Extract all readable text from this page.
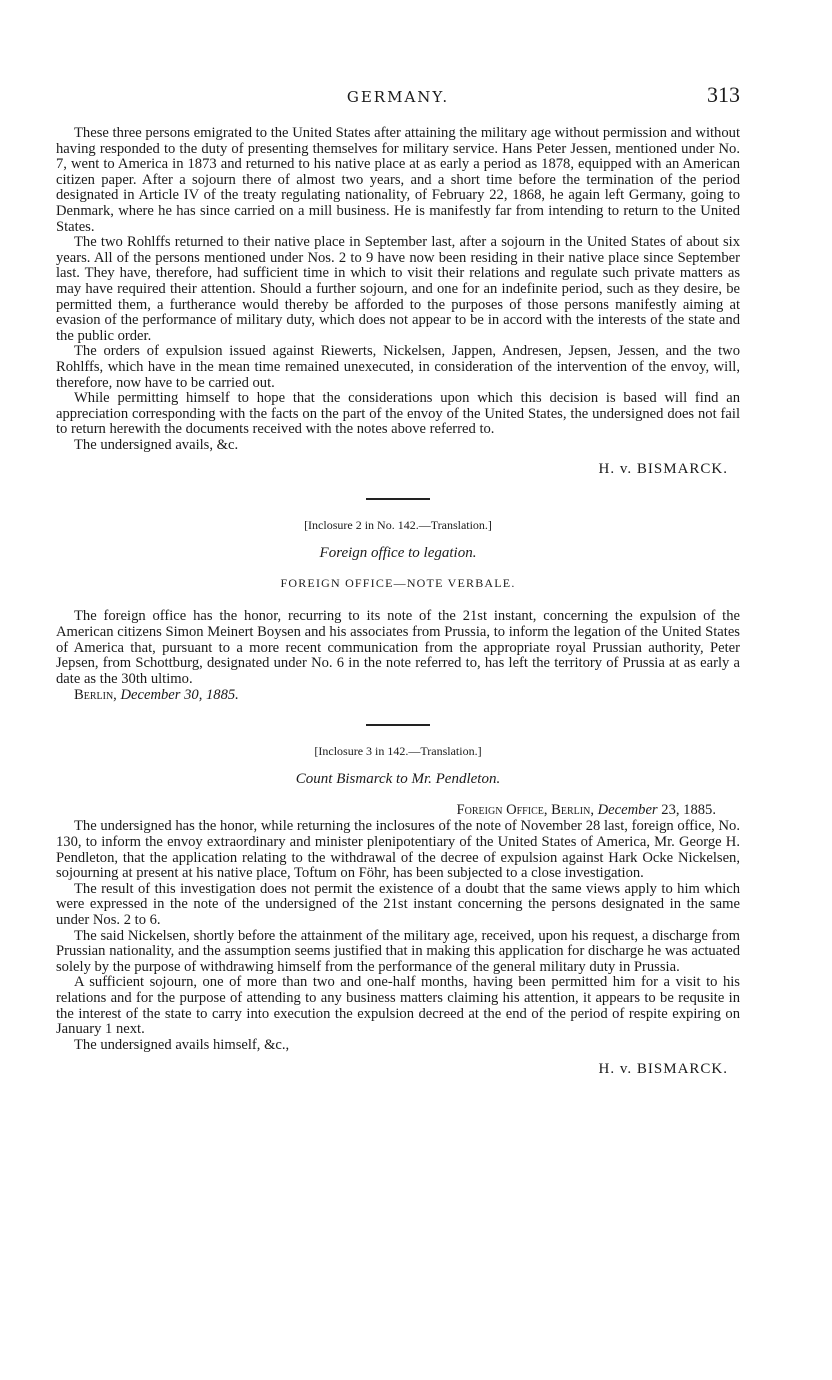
GERMANY.	313

These three persons emigrated to the United States after attaining the military age without permission and without having responded to the duty of presenting themselves for military service. Hans Peter Jessen, mentioned under No. 7, went to America in 1873 and returned to his native place at as early a period as 1878, equipped with an American citizen paper. After a sojourn there of almost two years, and a short time before the termination of the period designated in Article IV of the treaty regulating nationality, of February 22, 1868, he again left Germany, going to Denmark, where he has since carried on a mill business. He is manifestly far from intending to return to the United States.

The two Rohlffs returned to their native place in September last, after a sojourn in the United States of about six years. All of the persons mentioned under Nos. 2 to 9 have now been residing in their native place since September last. They have, therefore, had sufficient time in which to visit their relations and regulate such private matters as may have required their attention. Should a further sojourn, and one for an indefinite period, such as they desire, be permitted them, a furtherance would thereby be afforded to the purposes of those persons manifestly aiming at evasion of the performance of military duty, which does not appear to be in accord with the interests of the state and the public order.

The orders of expulsion issued against Riewerts, Nickelsen, Jappen, Andresen, Jepsen, Jessen, and the two Rohlffs, which have in the mean time remained unexecuted, in consideration of the intervention of the envoy, will, therefore, now have to be carried out.

While permitting himself to hope that the considerations upon which this decision is based will find an appreciation corresponding with the facts on the part of the envoy of the United States, the undersigned does not fail to return herewith the documents received with the notes above referred to.

The undersigned avails, &c.

H. v. BISMARCK.
[Inclosure 2 in No. 142.—Translation.]
Foreign office to legation.
FOREIGN OFFICE—NOTE VERBALE.

The foreign office has the honor, recurring to its note of the 21st instant, concerning the expulsion of the American citizens Simon Meinert Boysen and his associates from Prussia, to inform the legation of the United States of America that, pursuant to a more recent communication from the appropriate royal Prussian authority, Peter Jepsen, from Schottburg, designated under No. 6 in the note referred to, has left the territory of Prussia at as early a date as the 30th ultimo.

Berlin, December 30, 1885.

[Inclosure 3 in 142.—Translation.]
Count Bismarck to Mr. Pendleton.

Foreign Office, Berlin, December 23, 1885.

The undersigned has the honor, while returning the inclosures of the note of November 28 last, foreign office, No. 130, to inform the envoy extraordinary and minister plenipotentiary of the United States of America, Mr. George H. Pendleton, that the application relating to the withdrawal of the decree of expulsion against Hark Ocke Nickelsen, sojourning at present at his native place, Toftum on Föhr, has been subjected to a close investigation.

The result of this investigation does not permit the existence of a doubt that the same views apply to him which were expressed in the note of the undersigned of the 21st instant concerning the persons designated in the same under Nos. 2 to 6.

The said Nickelsen, shortly before the attainment of the military age, received, upon his request, a discharge from Prussian nationality, and the assumption seems justified that in making this application for discharge he was actuated solely by the purpose of withdrawing himself from the performance of the general military duty in Prussia.

A sufficient sojourn, one of more than two and one-half months, having been permitted him for a visit to his relations and for the purpose of attending to any business matters claiming his attention, it appears to be requsite in the interest of the state to carry into execution the expulsion decreed at the end of the period of respite expiring on January 1 next.

The undersigned avails himself, &c.,

H. v. BISMARCK.
